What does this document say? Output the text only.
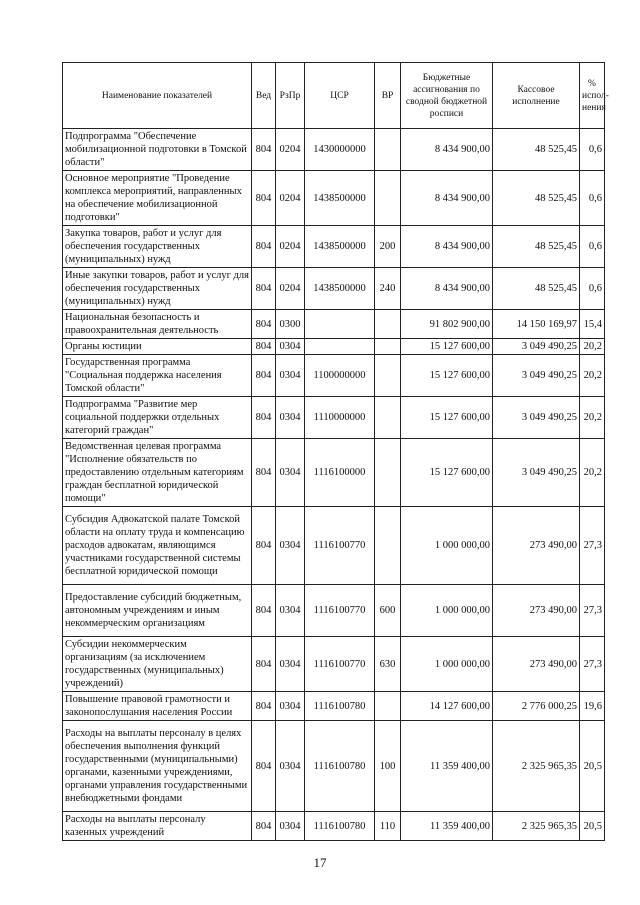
Наименование показателей	Вед	РзПр	ЦСР	ВР	Бюджетные ассигнования по сводной бюджетной росписи	Кассовое исполнение	% испол-нения
Подпрограмма "Обеспечение мобилизационной подготовки в Томской области"	804	0204	1430000000		8 434 900,00	48 525,45	0,6
Основное мероприятие "Проведение комплекса мероприятий, направленных на обеспечение мобилизационной подготовки"	804	0204	1438500000		8 434 900,00	48 525,45	0,6
Закупка товаров, работ и услуг для обеспечения государственных (муниципальных) нужд	804	0204	1438500000	200	8 434 900,00	48 525,45	0,6
Иные закупки товаров, работ и услуг для обеспечения государственных (муниципальных) нужд	804	0204	1438500000	240	8 434 900,00	48 525,45	0,6
Национальная безопасность и правоохранительная деятельность	804	0300			91 802 900,00	14 150 169,97	15,4
Органы юстиции	804	0304			15 127 600,00	3 049 490,25	20,2
Государственная программа "Социальная поддержка населения Томской области"	804	0304	1100000000		15 127 600,00	3 049 490,25	20,2
Подпрограмма "Развитие мер социальной поддержки отдельных категорий граждан"	804	0304	1110000000		15 127 600,00	3 049 490,25	20,2
Ведомственная целевая программа "Исполнение обязательств по предоставлению отдельным категориям граждан бесплатной юридической помощи"	804	0304	1116100000		15 127 600,00	3 049 490,25	20,2
Субсидия Адвокатской палате Томской области на оплату труда и компенсацию расходов адвокатам, являющимся участниками государственной системы бесплатной юридической помощи	804	0304	1116100770		1 000 000,00	273 490,00	27,3
Предоставление субсидий бюджетным, автономным учреждениям и иным некоммерческим организациям	804	0304	1116100770	600	1 000 000,00	273 490,00	27,3
Субсидии некоммерческим организациям (за исключением государственных (муниципальных) учреждений)	804	0304	1116100770	630	1 000 000,00	273 490,00	27,3
Повышение правовой грамотности и законопослушания населения России	804	0304	1116100780		14 127 600,00	2 776 000,25	19,6
Расходы на выплаты персоналу в целях обеспечения выполнения функций государственными (муниципальными) органами, казенными учреждениями, органами управления государственными внебюджетными фондами	804	0304	1116100780	100	11 359 400,00	2 325 965,35	20,5
Расходы на выплаты персоналу казенных учреждений	804	0304	1116100780	110	11 359 400,00	2 325 965,35	20,5
17
